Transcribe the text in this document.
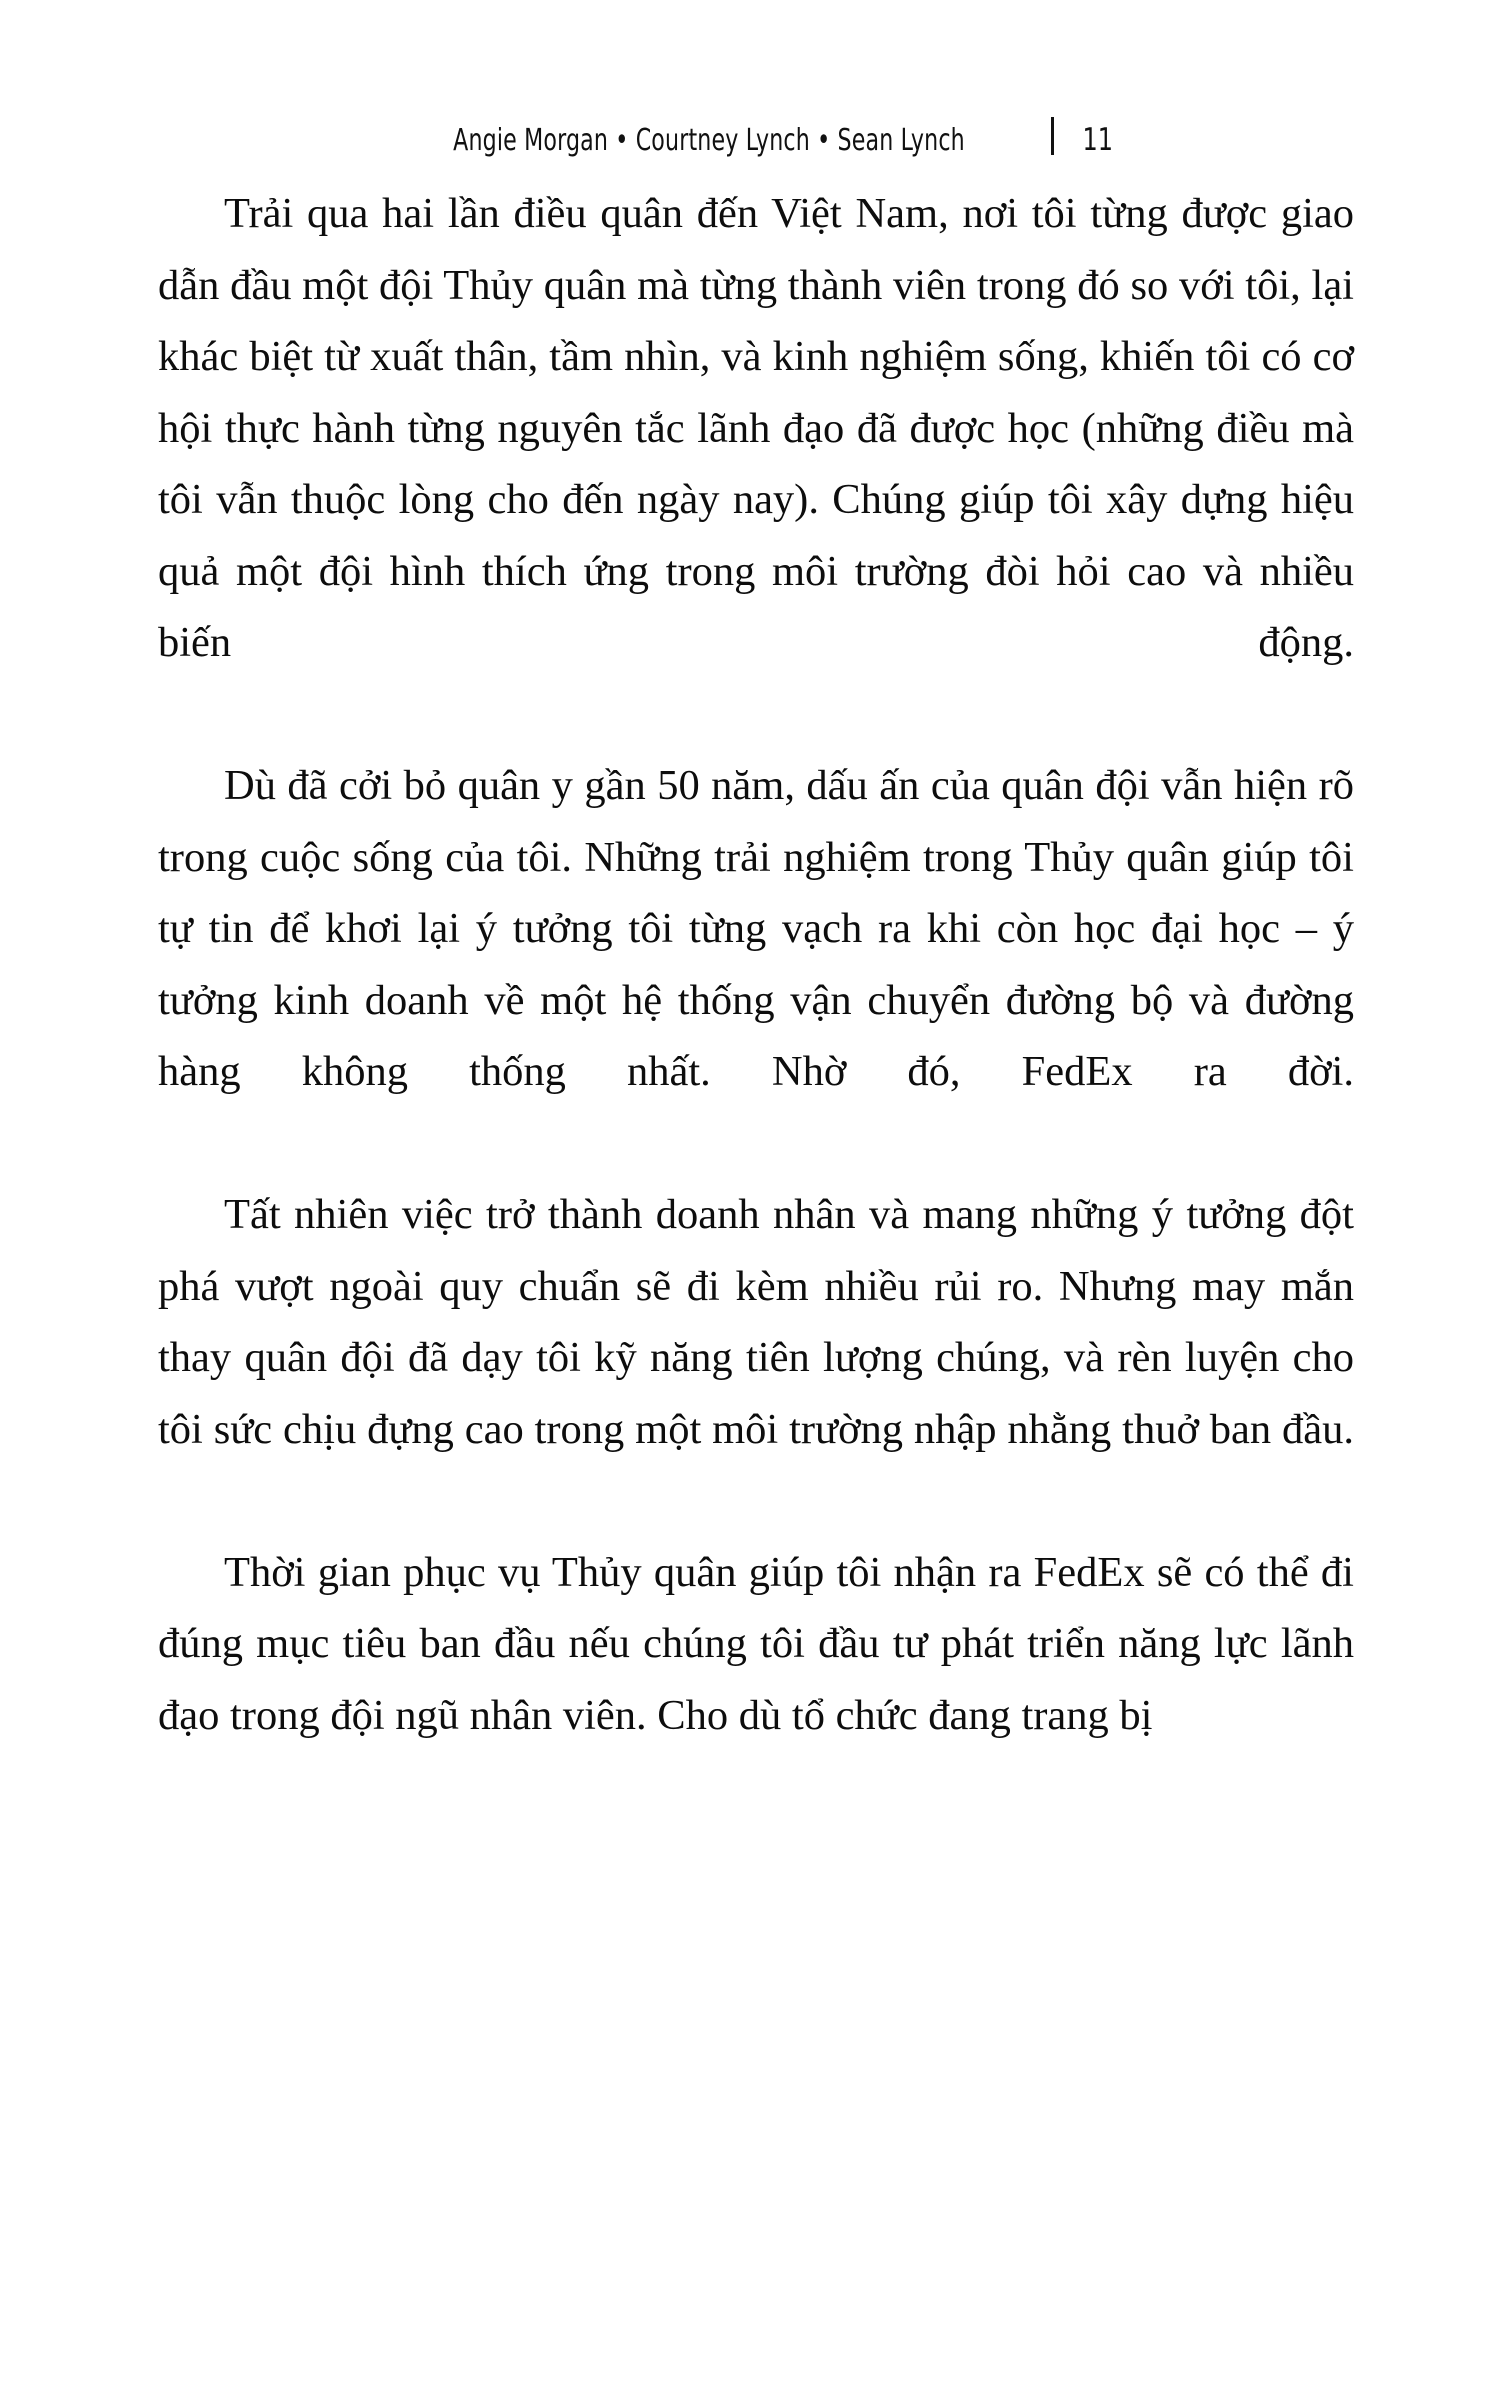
Angie Morgan • Courtney Lynch • Sean Lynch	11

Trải qua hai lần điều quân đến Việt Nam, nơi tôi từng được giao dẫn đầu một đội Thủy quân mà từng thành viên trong đó so với tôi, lại khác biệt từ xuất thân, tầm nhìn, và kinh nghiệm sống, khiến tôi có cơ hội thực hành từng nguyên tắc lãnh đạo đã được học (những điều mà tôi vẫn thuộc lòng cho đến ngày nay). Chúng giúp tôi xây dựng hiệu quả một đội hình thích ứng trong môi trường đòi hỏi cao và nhiều biến động.

Dù đã cởi bỏ quân y gần 50 năm, dấu ấn của quân đội vẫn hiện rõ trong cuộc sống của tôi. Những trải nghiệm trong Thủy quân giúp tôi tự tin để khơi lại ý tưởng tôi từng vạch ra khi còn học đại học – ý tưởng kinh doanh về một hệ thống vận chuyển đường bộ và đường hàng không thống nhất. Nhờ đó, FedEx ra đời.

Tất nhiên việc trở thành doanh nhân và mang những ý tưởng đột phá vượt ngoài quy chuẩn sẽ đi kèm nhiều rủi ro. Nhưng may mắn thay quân đội đã dạy tôi kỹ năng tiên lượng chúng, và rèn luyện cho tôi sức chịu đựng cao trong một môi trường nhập nhằng thuở ban đầu.

Thời gian phục vụ Thủy quân giúp tôi nhận ra FedEx sẽ có thể đi đúng mục tiêu ban đầu nếu chúng tôi đầu tư phát triển năng lực lãnh đạo trong đội ngũ nhân viên. Cho dù tổ chức đang trang bị
